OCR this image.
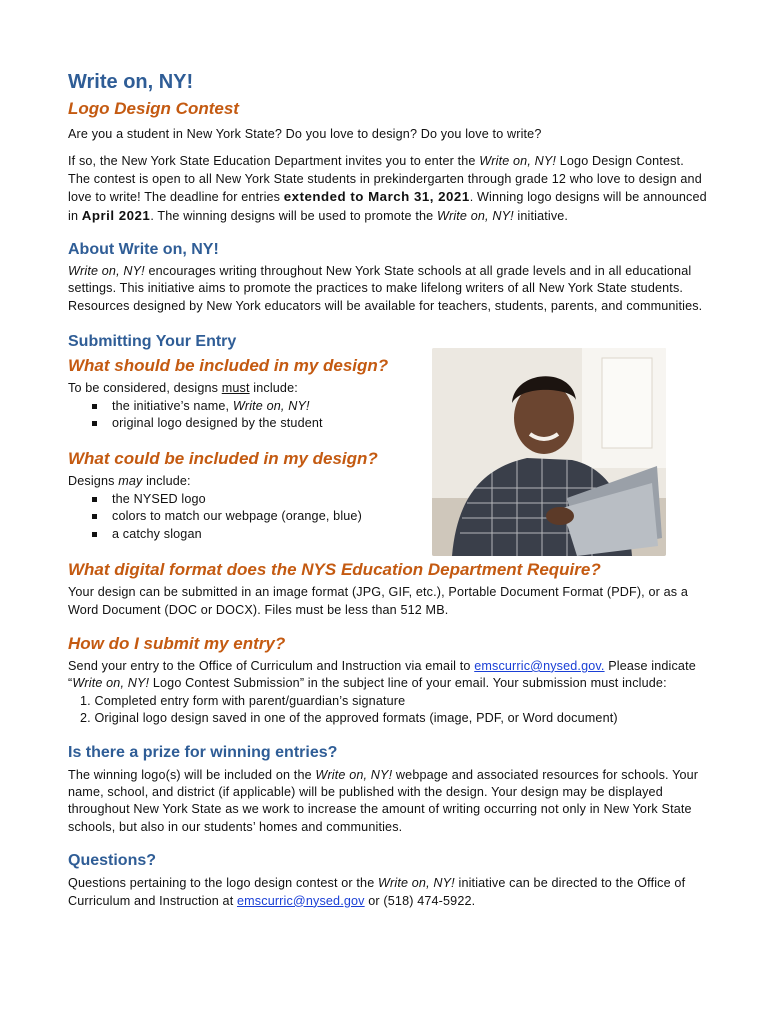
Write on, NY!
Logo Design Contest

Are you a student in New York State? Do you love to design? Do you love to write?

If so, the New York State Education Department invites you to enter the Write on, NY! Logo Design Contest. The contest is open to all New York State students in prekindergarten through grade 12 who love to design and love to write! The deadline for entries extended to March 31, 2021. Winning logo designs will be announced in April 2021. The winning designs will be used to promote the Write on, NY! initiative.

About Write on, NY!

Write on, NY! encourages writing throughout New York State schools at all grade levels and in all educational settings. This initiative aims to promote the practices to make lifelong writers of all New York State students. Resources designed by New York educators will be available for teachers, students, parents, and communities.

Submitting Your Entry
What should be included in my design?

To be considered, designs must include:

the initiative’s name, Write on, NY!
original logo designed by the student
What could be included in my design?

Designs may include:

the NYSED logo
colors to match our webpage (orange, blue)
a catchy slogan
What digital format does the NYS Education Department Require?

Your design can be submitted in an image format (JPG, GIF, etc.), Portable Document Format (PDF), or as a Word Document (DOC or DOCX). Files must be less than 512 MB.

How do I submit my entry?

Send your entry to the Office of Curriculum and Instruction via email to emscurric@nysed.gov. Please indicate “Write on, NY! Logo Contest Submission” in the subject line of your email. Your submission must include:

1. Completed entry form with parent/guardian’s signature
2. Original logo design saved in one of the approved formats (image, PDF, or Word document)
Is there a prize for winning entries?

The winning logo(s) will be included on the Write on, NY! webpage and associated resources for schools. Your name, school, and district (if applicable) will be published with the design. Your design may be displayed throughout New York State as we work to increase the amount of writing occurring not only in New York State schools, but also in our students’ homes and communities.

Questions?

Questions pertaining to the logo design contest or the Write on, NY! initiative can be directed to the Office of Curriculum and Instruction at emscurric@nysed.gov or (518) 474-5922.
